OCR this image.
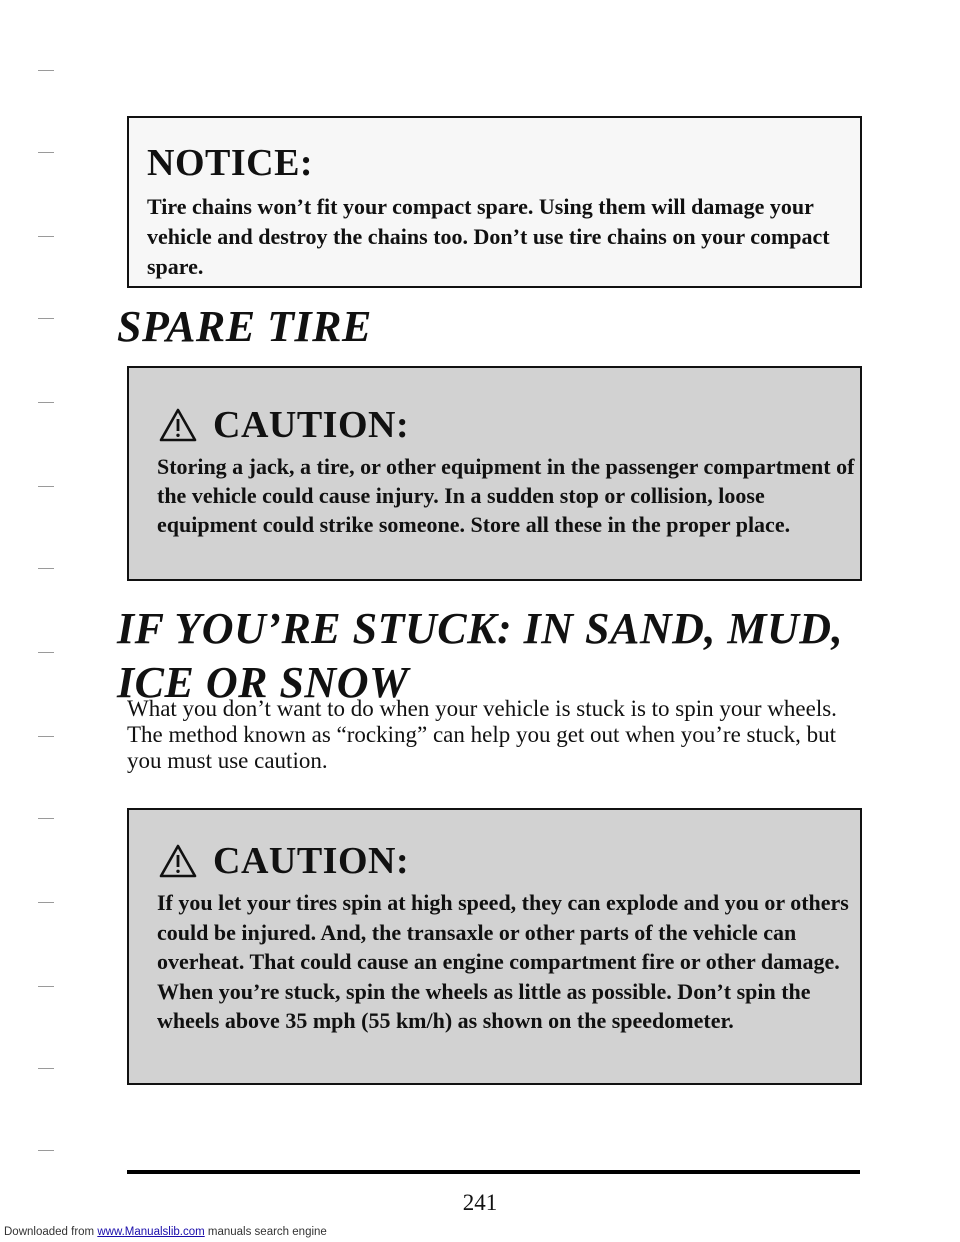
NOTICE:

Tire chains won’t fit your compact spare. Using them will damage your vehicle and destroy the chains too. Don’t use tire chains on your compact spare.

SPARE TIRE
CAUTION:

Storing a jack, a tire, or other equipment in the passenger compartment of the vehicle could cause injury. In a sudden stop or collision, loose equipment could strike someone. Store all these in the proper place.

IF YOU’RE STUCK: IN SAND, MUD,
ICE OR SNOW

What you don’t want to do when your vehicle is stuck is to spin your wheels. The method known as “rocking” can help you get out when you’re stuck, but you must use caution.

CAUTION:

If you let your tires spin at high speed, they can explode and you or others could be injured. And, the transaxle or other parts of the vehicle can overheat. That could cause an engine compartment fire or other damage. When you’re stuck, spin the wheels as little as possible. Don’t spin the wheels above 35 mph (55 km/h) as shown on the speedometer.

241

Downloaded from www.Manualslib.com manuals search engine
